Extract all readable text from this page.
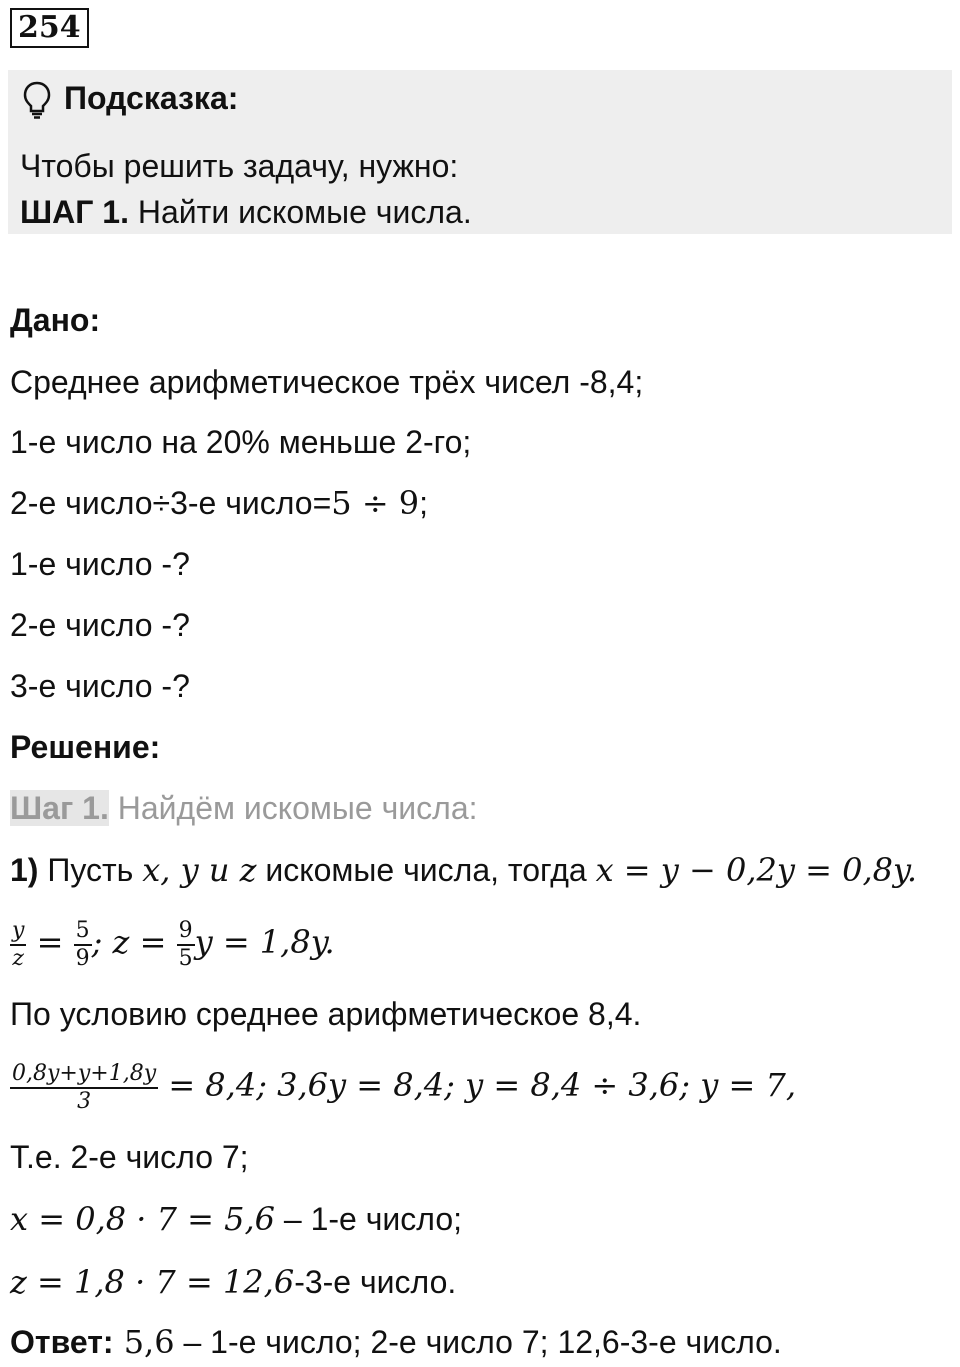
254
Подсказка:
Чтобы решить задачу, нужно:
ШАГ 1. Найти искомые числа.
Дано:
Среднее арифметическое трёх чисел -8,4;
1-е число на 20% меньше 2-го;
2-е число÷3-е число=5 ÷ 9;
1-е число -?
2-е число -?
3-е число -?
Решение:
Шаг 1. Найдём искомые числа:
1) Пусть x, y и z искомые числа, тогда x = y − 0,2y = 0,8y.
$\frac{y}{z} = \frac{5}{9}$ ; $z = \frac{9}{5}$ y = 1,8y.
По условию среднее арифметическое 8,4.
$\frac{0,8y+y+1,8y}{3} = 8,4$; 3,6y = 8,4; y = 8,4 ÷ 3,6; y = 7,
Т.е. 2-е число 7;
x = 0,8 · 7 = 5,6 – 1-е число;
z = 1,8 · 7 = 12,6-3-е число.
Ответ: 5,6 – 1-е число; 2-е число 7; 12,6-3-е число.
